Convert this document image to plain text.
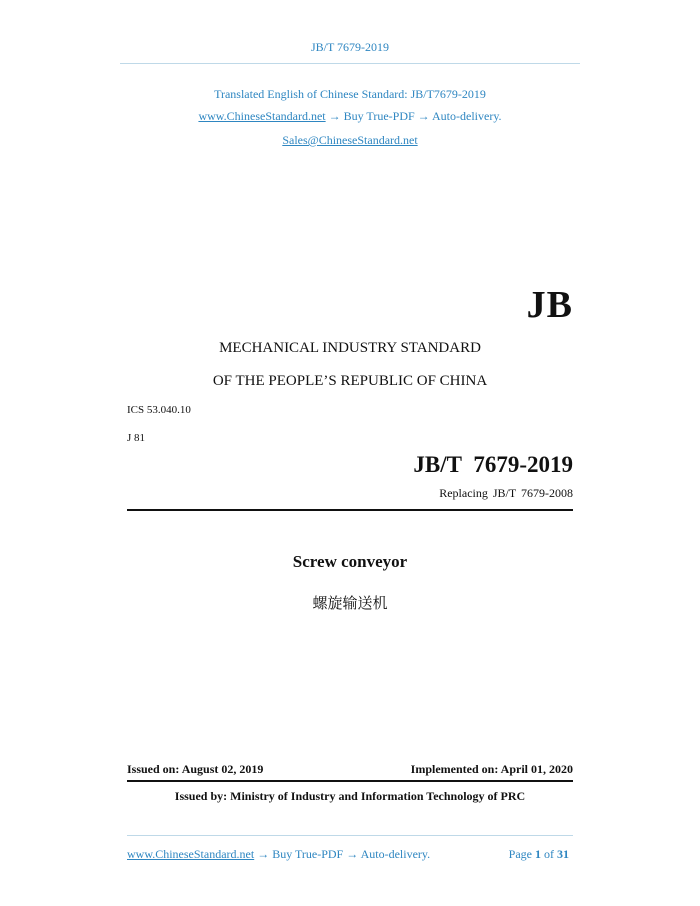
JB/T 7679-2019
Translated English of Chinese Standard: JB/T7679-2019
www.ChineseStandard.net → Buy True-PDF → Auto-delivery.
Sales@ChineseStandard.net
JB
MECHANICAL INDUSTRY STANDARD
OF THE PEOPLE’S REPUBLIC OF CHINA
ICS 53.040.10
J 81
JB/T 7679-2019
Replacing JB/T 7679-2008
Screw conveyor
螺旋输送机
Issued on: August 02, 2019	Implemented on: April 01, 2020
Issued by: Ministry of Industry and Information Technology of PRC
www.ChineseStandard.net → Buy True-PDF → Auto-delivery.	Page 1 of 31
